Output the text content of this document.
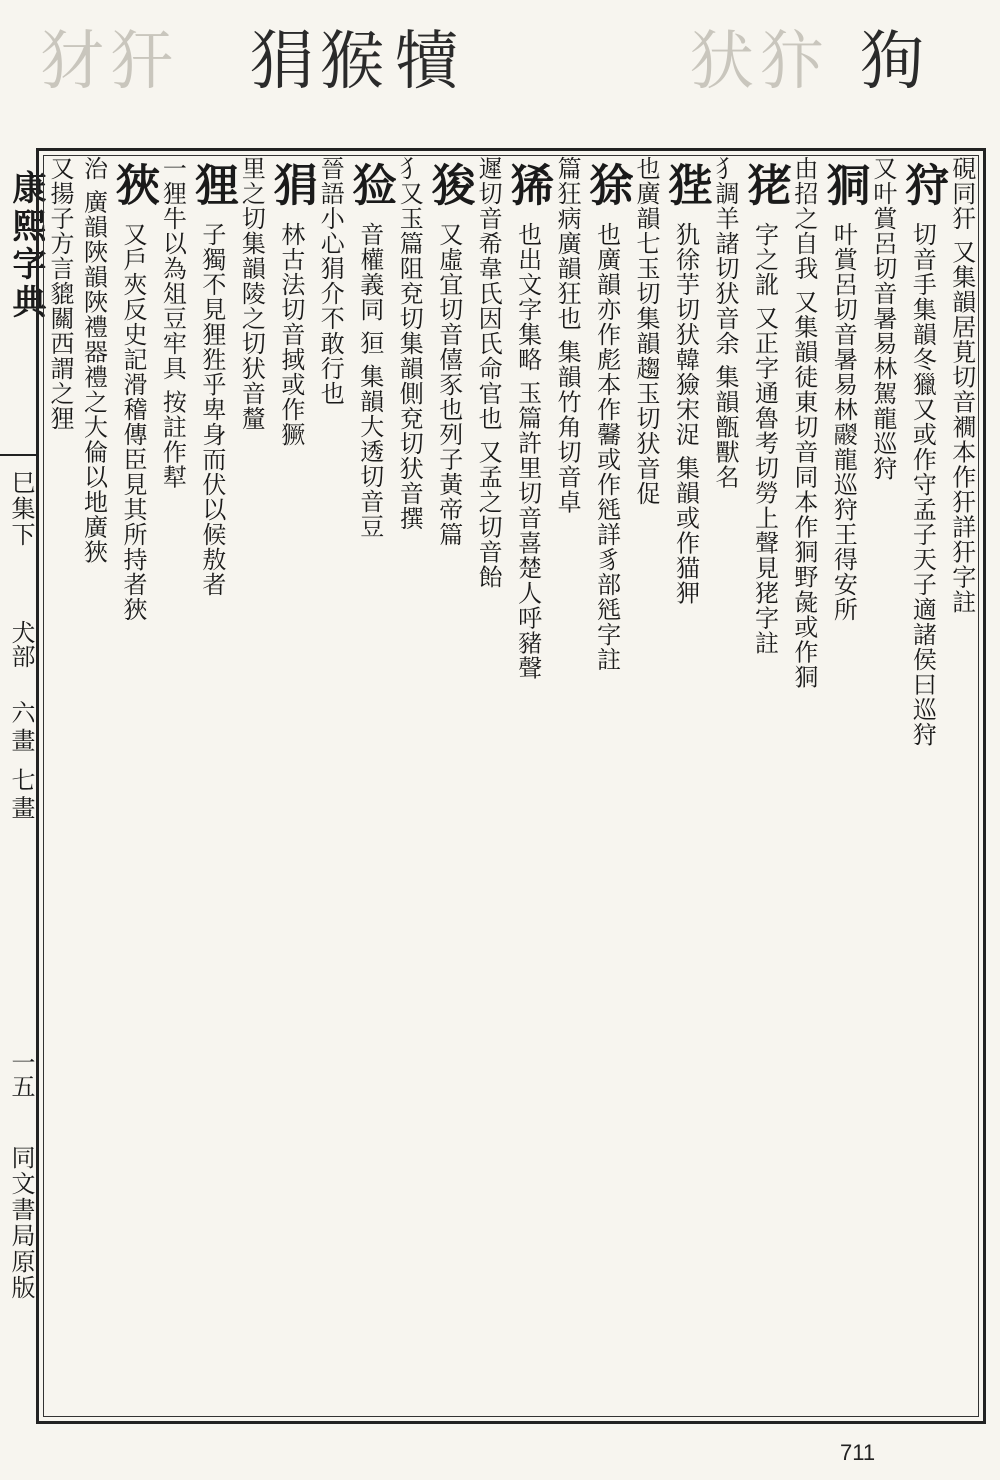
犲犴 狷猴 犢	犾犿 狥
康熙字典
巳集下
犬部
六畫 七畫
一五
同文書局原版
硯同犴 又集韻居莧切音襉本作犴詳犴字註
狩 切音手集韻冬獵又或作守孟子天子適諸侯曰巡狩
又叶賞呂切音暑易林駕龍巡狩
狪 叶賞呂切音暑易林鬷龍巡狩王得安所
由招之自我 又集韻徒東切音同本作狪野彘或作狪
狫 字之訛 又正字通魯考切勞上聲見狫字註
犭調羊諸切犾音余 集韻甑獸名
狴 犰徐芋切犾韓獫宋浞 集韻或作猫狎
也廣韻七玉切集韻趨玉切犾音促
狳 也廣韻亦作彪本作毊或作毤詳豸部毤字註
篇狂病廣韻狂也 集韻竹角切音卓
狶 也出文字集略 玉篇許里切音喜楚人呼豬聲
遲切音希韋氏因氏命官也 又孟之切音飴
狻 又虛宜切音僖豕也列子黃帝篇
犭又玉篇阻兗切集韻側兗切犾音撰
猃 音權義同 狟 集韻大透切音豆
晉語小心狷介不敢行也
狷 林古法切音掝或作獗
里之切集韻陵之切犾音釐
狸 子獨不見狸狌乎卑身而伏以候敖者
一狸牛以為俎豆牢具 按註作犎
狹 又戶夾反史記滑稽傳臣見其所持者狹
治 廣韻陜韻陜禮器禮之大倫以地廣狹
又揚子方言貔關西謂之狸
711
